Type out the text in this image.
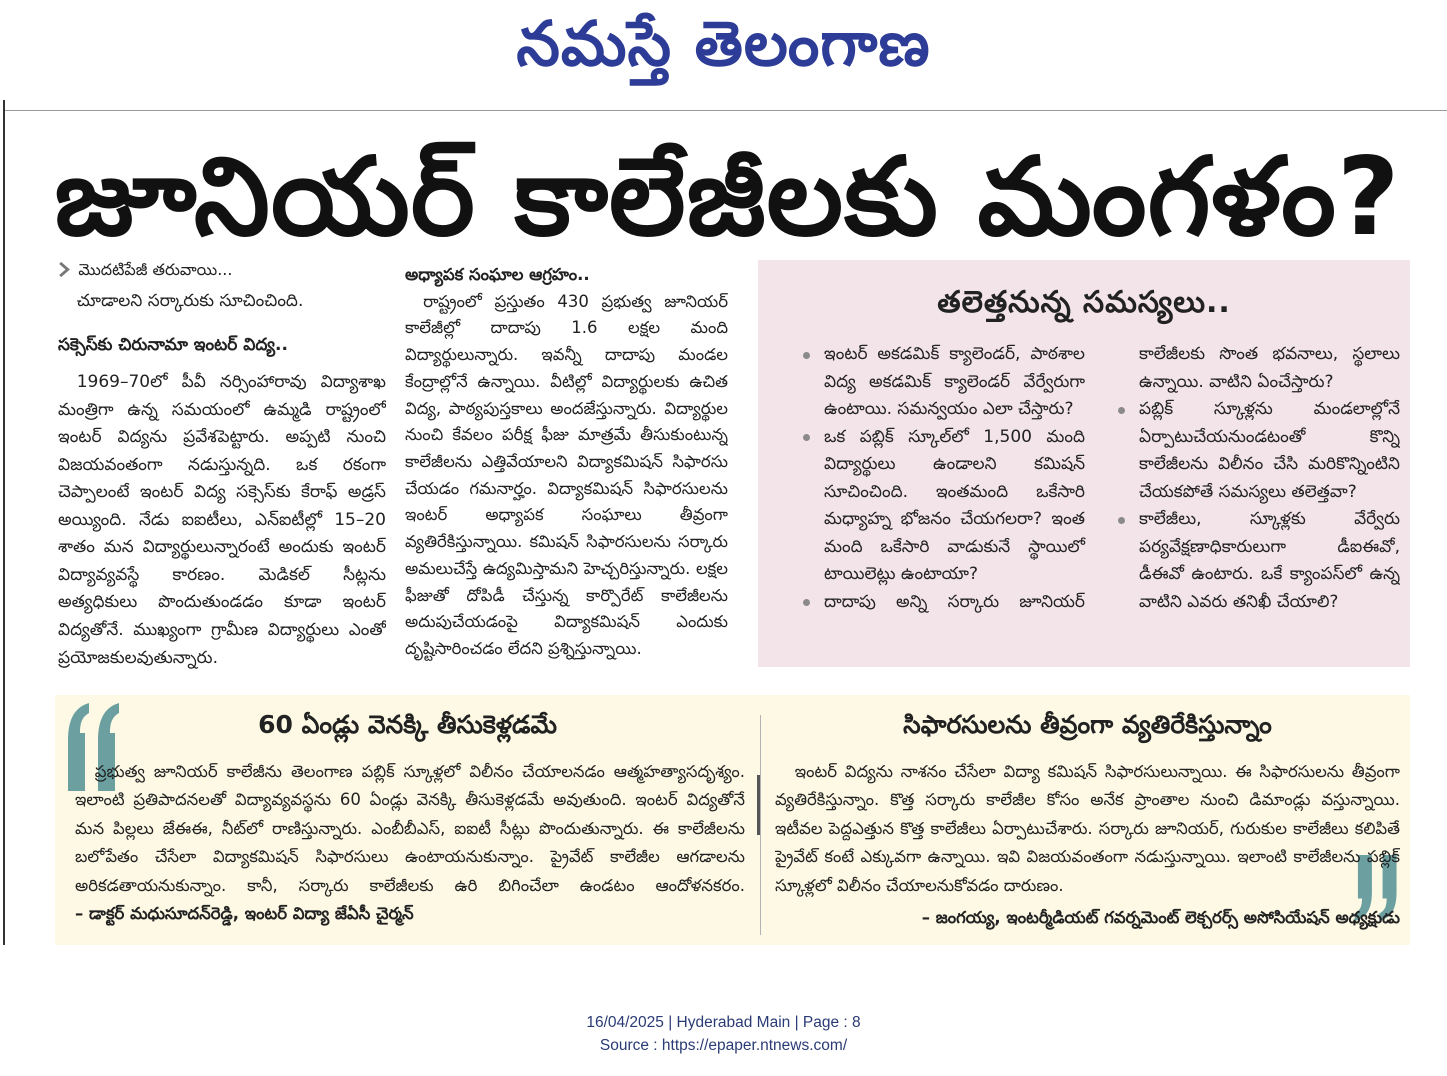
నమస్తే తెలంగాణ
జూనియర్ కాలేజీలకు మంగళం?
మొదటిపేజీ తరువాయి...
చూడాలని సర్కారుకు సూచించింది.
సక్సెస్‌కు చిరునామా ఇంటర్ విద్య..

1969–70లో పీవీ నర్సింహారావు విద్యాశాఖ మంత్రిగా ఉన్న సమయంలో ఉమ్మడి రాష్ట్రంలో ఇంటర్ విద్యను ప్రవేశపెట్టారు. అప్పటి నుంచి విజయవంతంగా నడుస్తున్నది. ఒక రకంగా చెప్పాలంటే ఇంటర్ విద్య సక్సెస్‌కు కేరాఫ్ అడ్రస్ అయ్యింది. నేడు ఐఐటీలు, ఎన్ఐటీల్లో 15–20 శాతం మన విద్యార్థులున్నారంటే అందుకు ఇంటర్ విద్యావ్యవస్థే కారణం. మెడికల్ సీట్లను అత్యధికులు పొందుతుండడం కూడా ఇంటర్ విద్యతోనే. ముఖ్యంగా గ్రామీణ విద్యార్థులు ఎంతో ప్రయోజకులవుతున్నారు.

అధ్యాపక సంఘాల ఆగ్రహం..

రాష్ట్రంలో ప్రస్తుతం 430 ప్రభుత్వ జూనియర్ కాలేజీల్లో దాదాపు 1.6 లక్షల మంది విద్యార్థులున్నారు. ఇవన్నీ దాదాపు మండల కేంద్రాల్లోనే ఉన్నాయి. వీటిల్లో విద్యార్థులకు ఉచిత విద్య, పాఠ్యపుస్తకాలు అందజేస్తున్నారు. విద్యార్థుల నుంచి కేవలం పరీక్ష ఫీజు మాత్రమే తీసుకుంటున్న కాలేజీలను ఎత్తివేయాలని విద్యాకమిషన్ సిఫారసు చేయడం గమనార్హం. విద్యాకమిషన్ సిఫారసులను ఇంటర్ అధ్యాపక సంఘాలు తీవ్రంగా వ్యతిరేకిస్తున్నాయి. కమిషన్ సిఫారసులను సర్కారు అమలుచేస్తే ఉద్యమిస్తామని హెచ్చరిస్తున్నారు. లక్షల ఫీజుతో దోపిడీ చేస్తున్న కార్పొరేట్ కాలేజీలను అదుపుచేయడంపై విద్యాకమిషన్ ఎందుకు దృష్టిసారించడం లేదని ప్రశ్నిస్తున్నాయి.

తలెత్తనున్న సమస్యలు..
ఇంటర్ అకడమిక్ క్యాలెండర్, పాఠశాల విద్య అకడమిక్ క్యాలెండర్ వేర్వేరుగా ఉంటాయి. సమన్వయం ఎలా చేస్తారు?
ఒక పబ్లిక్ స్కూల్‌లో 1,500 మంది విద్యార్థులు ఉండాలని కమిషన్ సూచించింది. ఇంతమంది ఒకేసారి మధ్యాహ్న భోజనం చేయగలరా? ఇంత మంది ఒకేసారి వాడుకునే స్థాయిలో టాయిలెట్లు ఉంటాయా?
దాదాపు అన్ని సర్కారు జూనియర్ కాలేజీలకు సొంత భవనాలు, స్థలాలు ఉన్నాయి. వాటిని ఏంచేస్తారు?
పబ్లిక్ స్కూళ్లను మండలాల్లోనే ఏర్పాటుచేయనుండటంతో కొన్ని కాలేజీలను విలీనం చేసి మరికొన్నింటిని చేయకపోతే సమస్యలు తలెత్తవా?
కాలేజీలు, స్కూళ్లకు వేర్వేరు పర్యవేక్షణాధికారులుగా డీఐఈవో, డీఈవో ఉంటారు. ఒకే క్యాంపస్‌లో ఉన్న వాటిని ఎవరు తనిఖీ చేయాలి?
60 ఏండ్లు వెనక్కి తీసుకెళ్లడమే

ప్రభుత్వ జూనియర్ కాలేజీను తెలంగాణ పబ్లిక్ స్కూళ్లలో విలీనం చేయాలనడం ఆత్మహత్యాసదృశ్యం. ఇలాంటి ప్రతిపాదనలతో విద్యావ్యవస్థను 60 ఏండ్లు వెనక్కి తీసుకెళ్లడమే అవుతుంది. ఇంటర్ విద్యతోనే మన పిల్లలు జేఈఈ, నీట్‌లో రాణిస్తున్నారు. ఎంబీబీఎస్, ఐఐటీ సీట్లు పొందుతున్నారు. ఈ కాలేజీలను బలోపేతం చేసేలా విద్యాకమిషన్ సిఫారసులు ఉంటాయనుకున్నాం. ప్రైవేట్ కాలేజీల ఆగడాలను అరికడతాయనుకున్నాం. కానీ, సర్కారు కాలేజీలకు ఉరి బిగించేలా ఉండటం ఆందోళనకరం. – డాక్టర్ మధుసూదన్‌రెడ్డి, ఇంటర్ విద్యా జేఏసీ చైర్మన్

సిఫారసులను తీవ్రంగా వ్యతిరేకిస్తున్నాం

ఇంటర్ విద్యను నాశనం చేసేలా విద్యా కమిషన్ సిఫారసులున్నాయి. ఈ సిఫారసులను తీవ్రంగా వ్యతిరేకిస్తున్నాం. కొత్త సర్కారు కాలేజీల కోసం అనేక ప్రాంతాల నుంచి డిమాండ్లు వస్తున్నాయి. ఇటీవల పెద్దఎత్తున కొత్త కాలేజీలు ఏర్పాటుచేశారు. సర్కారు జూనియర్, గురుకుల కాలేజీలు కలిపితే ప్రైవేట్ కంటే ఎక్కువగా ఉన్నాయి. ఇవి విజయవంతంగా నడుస్తున్నాయి. ఇలాంటి కాలేజీలను పబ్లిక్ స్కూళ్లలో విలీనం చేయాలనుకోవడం దారుణం.

– జంగయ్య, ఇంటర్మీడియట్ గవర్నమెంట్ లెక్చరర్స్ అసోసియేషన్ అధ్యక్షుడు
16/04/2025 | Hyderabad Main | Page : 8
Source : https://epaper.ntnews.com/
